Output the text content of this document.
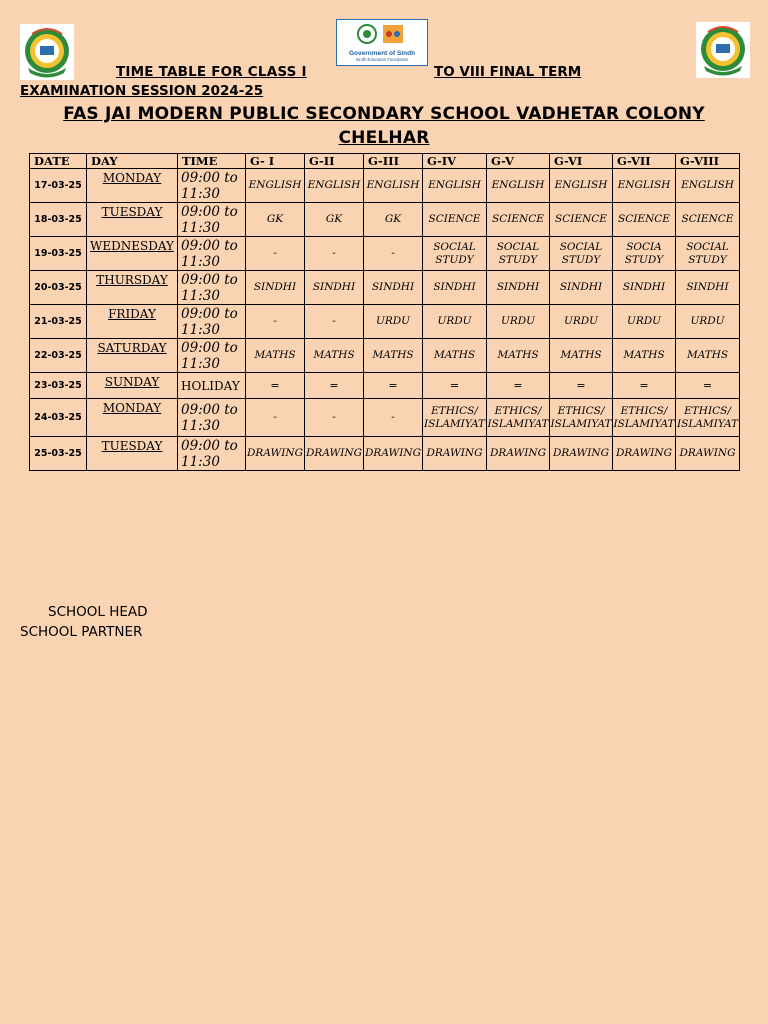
Government of Sindh
Sindh Education Foundation
TIME TABLE FOR CLASS I	TO VIII FINAL TERM
EXAMINATION SESSION 2024-25
FAS JAI MODERN PUBLIC SECONDARY SCHOOL VADHETAR COLONY CHELHAR
DATE	DAY	TIME	G- I	G-II	G-III	G-IV	G-V	G-VI	G-VII	G-VIII
17-03-25	MONDAY	09:00 to 11:30	ENGLISH	ENGLISH	ENGLISH	ENGLISH	ENGLISH	ENGLISH	ENGLISH	ENGLISH
18-03-25	TUESDAY	09:00 to 11:30	GK	GK	GK	SCIENCE	SCIENCE	SCIENCE	SCIENCE	SCIENCE
19-03-25	WEDNESDAY	09:00 to 11:30	-	-	-	SOCIAL STUDY	SOCIAL STUDY	SOCIAL STUDY	SOCIA STUDY	SOCIAL STUDY
20-03-25	THURSDAY	09:00 to 11:30	SINDHI	SINDHI	SINDHI	SINDHI	SINDHI	SINDHI	SINDHI	SINDHI
21-03-25	FRIDAY	09:00 to 11:30	-	-	URDU	URDU	URDU	URDU	URDU	URDU
22-03-25	SATURDAY	09:00 to 11:30	MATHS	MATHS	MATHS	MATHS	MATHS	MATHS	MATHS	MATHS
23-03-25	SUNDAY	HOLIDAY	=	=	=	=	=	=	=	=
24-03-25	MONDAY	09:00 to 11:30	-	-	-	ETHICS/ ISLAMIYAT	ETHICS/ ISLAMIYAT	ETHICS/ ISLAMIYAT	ETHICS/ ISLAMIYAT	ETHICS/ ISLAMIYAT
25-03-25	TUESDAY	09:00 to 11:30	DRAWING	DRAWING	DRAWING	DRAWING	DRAWING	DRAWING	DRAWING	DRAWING
SCHOOL HEAD
SCHOOL PARTNER
